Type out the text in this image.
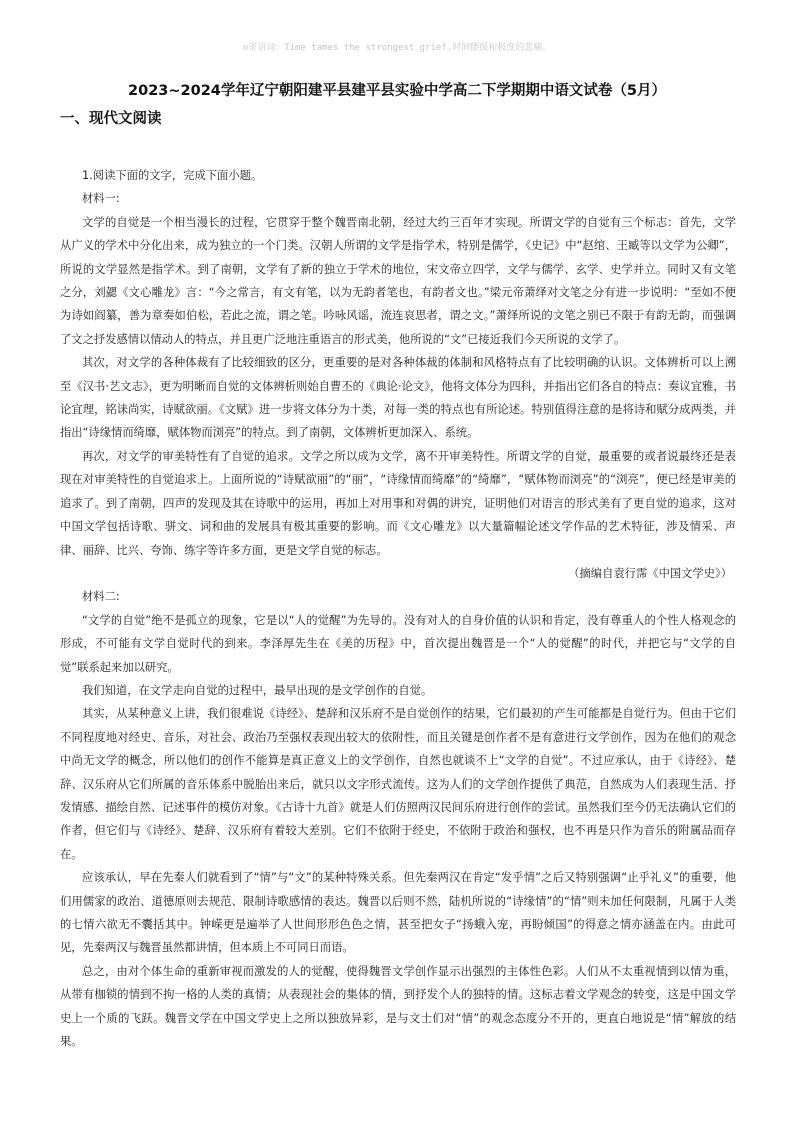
◎寄语词：Time tames the strongest grief.时间能缓和极度的悲痛。
2023~2024学年辽宁朝阳建平县建平县实验中学高二下学期期中语文试卷（5月）
一、现代文阅读

1.阅读下面的文字，完成下面小题。

材料一:

文学的自觉是一个相当漫长的过程，它贯穿于整个魏晋南北朝，经过大约三百年才实现。所谓文学的自觉有三个标志：首先，文学从广义的学术中分化出来，成为独立的一个门类。汉朝人所谓的文学是指学术，特别是儒学，《史记》中“赵绾、王臧等以文学为公卿”，所说的文学显然是指学术。到了南朝，文学有了新的独立于学术的地位，宋文帝立四学，文学与儒学、玄学、史学并立。同时又有文笔之分，刘勰《文心雕龙》言：“今之常言，有文有笔，以为无韵者笔也，有韵者文也。”梁元帝萧绎对文笔之分有进一步说明：“至如不便为诗如阎纂，善为章奏如伯松，若此之流，谓之笔。吟咏风谣，流连哀思者，谓之文。”萧绎所说的文笔之别已不限于有韵无韵，而强调了文之抒发感情以情动人的特点，并且更广泛地注重语言的形式美，他所说的“文”已接近我们今天所说的文学了。

其次，对文学的各种体裁有了比较细致的区分，更重要的是对各种体裁的体制和风格特点有了比较明确的认识。文体辨析可以上溯至《汉书·艺文志》，更为明晰而自觉的文体辨析则始自曹丕的《典论·论文》，他将文体分为四科，并指出它们各自的特点：奏议宜雅，书论宜理，铭诔尚实，诗赋欲丽。《文赋》进一步将文体分为十类，对每一类的特点也有所论述。特别值得注意的是将诗和赋分成两类，并指出“诗缘情而绮靡，赋体物而浏亮”的特点。到了南朝，文体辨析更加深入、系统。

再次，对文学的审美特性有了自觉的追求。文学之所以成为文学，离不开审美特性。所谓文学的自觉，最重要的或者说最终还是表现在对审美特性的自觉追求上。上面所说的“诗赋欲丽”的“丽”，“诗缘情而绮靡”的“绮靡”，“赋体物而浏亮”的“浏亮”，便已经是审美的追求了。到了南朝，四声的发现及其在诗歌中的运用，再加上对用事和对偶的讲究，证明他们对语言的形式美有了更自觉的追求，这对中国文学包括诗歌、骈文、词和曲的发展具有极其重要的影响。而《文心雕龙》以大量篇幅论述文学作品的艺术特征，涉及情采、声律、丽辞、比兴、夸饰、练字等许多方面，更是文学自觉的标志。

（摘编自袁行霈《中国文学史》）

材料二:

“文学的自觉”绝不是孤立的现象，它是以“人的觉醒”为先导的。没有对人的自身价值的认识和肯定，没有尊重人的个性人格观念的形成，不可能有文学自觉时代的到来。李泽厚先生在《美的历程》中，首次提出魏晋是一个“人的觉醒”的时代，并把它与“文学的自觉”联系起来加以研究。

我们知道，在文学走向自觉的过程中，最早出现的是文学创作的自觉。

其实，从某种意义上讲，我们很难说《诗经》、楚辞和汉乐府不是自觉创作的结果，它们最初的产生可能都是自觉行为。但由于它们不同程度地对经史、音乐，对社会、政治乃至强权表现出较大的依附性，而且关键是创作者不是有意进行文学创作，因为在他们的观念中尚无文学的概念，所以他们的创作不能算是真正意义上的文学创作，自然也就谈不上“文学的自觉”。不过应承认，由于《诗经》、楚辞、汉乐府从它们所属的音乐体系中脱胎出来后，就只以文字形式流传。这为人们的文学创作提供了典范，自然成为人们表现生活、抒发情感、描绘自然、记述事件的模仿对象。《古诗十九首》就是人们仿照两汉民间乐府进行创作的尝试。虽然我们至今仍无法确认它们的作者，但它们与《诗经》、楚辞、汉乐府有着较大差别。它们不依附于经史，不依附于政治和强权，也不再是只作为音乐的附属品而存在。

应该承认，早在先秦人们就看到了“情”与“文”的某种特殊关系。但先秦两汉在肯定“发乎情”之后又特别强调“止乎礼义”的重要，他们用儒家的政治、道德原则去规范、限制诗歌感情的表达。魏晋以后则不然，陆机所说的“诗缘情”的“情”则未加任何限制，凡属于人类的七情六欲无不囊括其中。钟嵘更是遍举了人世间形形色色之情，甚至把女子“扬蛾入宠，再盼倾国”的得意之情亦涵盖在内。由此可见，先秦两汉与魏晋虽然都讲情，但本质上不可同日而语。

总之，由对个体生命的重新审视而激发的人的觉醒，使得魏晋文学创作显示出强烈的主体性色彩。人们从不太重视情到以情为重，从带有枷锁的情到不拘一格的人类的真情；从表现社会的集体的情，到抒发个人的独特的情。这标志着文学观念的转变，这是中国文学史上一个质的飞跃。魏晋文学在中国文学史上之所以独放异彩，是与文士们对“情”的观念态度分不开的，更直白地说是“情”解放的结果。
